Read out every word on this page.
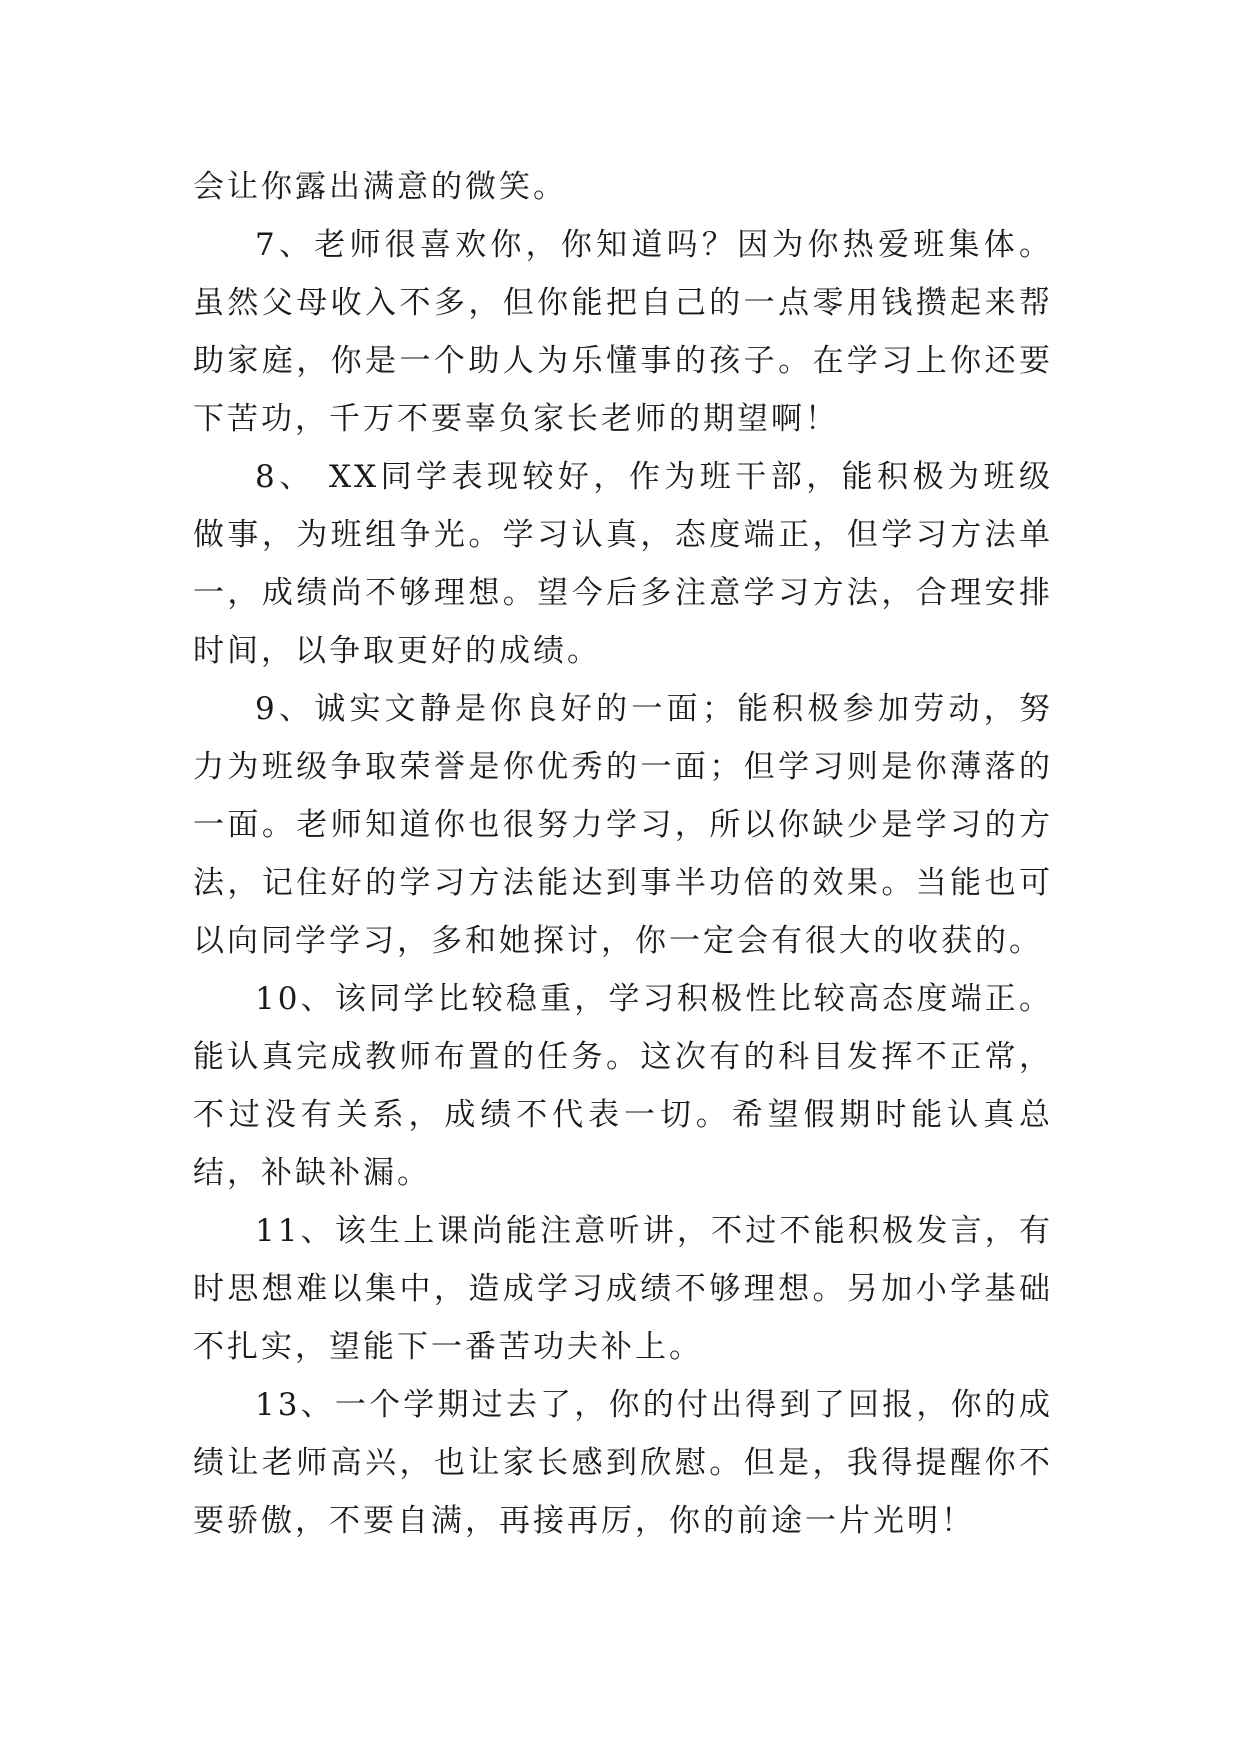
会让你露出满意的微笑。

7、老师很喜欢你，你知道吗？因为你热爱班集体。虽然父母收入不多，但你能把自己的一点零用钱攒起来帮助家庭，你是一个助人为乐懂事的孩子。在学习上你还要下苦功，千万不要辜负家长老师的期望啊！

8、 XX同学表现较好，作为班干部，能积极为班级做事，为班组争光。学习认真，态度端正，但学习方法单一，成绩尚不够理想。望今后多注意学习方法，合理安排时间，以争取更好的成绩。

9、诚实文静是你良好的一面；能积极参加劳动，努力为班级争取荣誉是你优秀的一面；但学习则是你薄落的一面。老师知道你也很努力学习，所以你缺少是学习的方法，记住好的学习方法能达到事半功倍的效果。当能也可以向同学学习，多和她探讨，你一定会有很大的收获的。

10、该同学比较稳重，学习积极性比较高态度端正。能认真完成教师布置的任务。这次有的科目发挥不正常，不过没有关系，成绩不代表一切。希望假期时能认真总结，补缺补漏。

11、该生上课尚能注意听讲，不过不能积极发言，有时思想难以集中，造成学习成绩不够理想。另加小学基础不扎实，望能下一番苦功夫补上。

13、一个学期过去了，你的付出得到了回报，你的成绩让老师高兴，也让家长感到欣慰。但是，我得提醒你不要骄傲，不要自满，再接再厉，你的前途一片光明！
